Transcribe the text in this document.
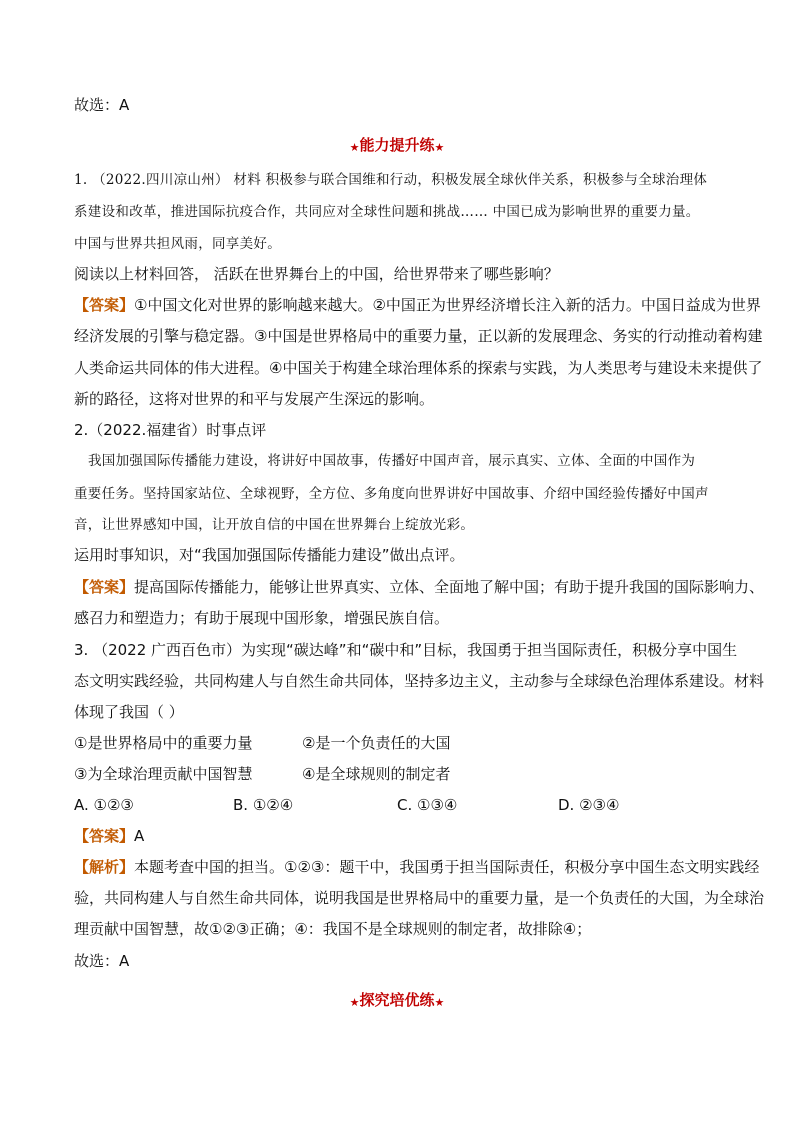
故选：A
★能力提升练★
1. （2022.四川凉山州） 材料 积极参与联合国维和行动，积极发展全球伙伴关系，积极参与全球治理体
系建设和改革，推进国际抗疫合作，共同应对全球性问题和挑战…… 中国已成为影响世界的重要力量。
中国与世界共担风雨，同享美好。
阅读以上材料回答， 活跃在世界舞台上的中国，给世界带来了哪些影响？
【答案】①中国文化对世界的影响越来越大。②中国正为世界经济增长注入新的活力。中国日益成为世界
经济发展的引擎与稳定器。③中国是世界格局中的重要力量，正以新的发展理念、务实的行动推动着构建
人类命运共同体的伟大进程。④中国关于构建全球治理体系的探索与实践，为人类思考与建设未来提供了
新的路径，这将对世界的和平与发展产生深远的影响。
2.（2022.福建省）时事点评
我国加强国际传播能力建设，将讲好中国故事，传播好中国声音，展示真实、立体、全面的中国作为
重要任务。坚持国家站位、全球视野，全方位、多角度向世界讲好中国故事、介绍中国经验传播好中国声
音，让世界感知中国，让开放自信的中国在世界舞台上绽放光彩。
运用时事知识，对“我国加强国际传播能力建设”做出点评。
【答案】提高国际传播能力，能够让世界真实、立体、全面地了解中国；有助于提升我国的国际影响力、
感召力和塑造力；有助于展现中国形象，增强民族自信。
3. （2022 广西百色市）为实现“碳达峰”和“碳中和”目标，我国勇于担当国际责任，积极分享中国生
态文明实践经验，共同构建人与自然生命共同体，坚持多边主义，主动参与全球绿色治理体系建设。材料
体现了我国（ ）
①是世界格局中的重要力量	②是一个负责任的大国
③为全球治理贡献中国智慧	④是全球规则的制定者
A. ①②③	B. ①②④	C. ①③④	D. ②③④
【答案】A
【解析】本题考查中国的担当。①②③：题干中，我国勇于担当国际责任，积极分享中国生态文明实践经
验，共同构建人与自然生命共同体，说明我国是世界格局中的重要力量，是一个负责任的大国，为全球治
理贡献中国智慧，故①②③正确；④：我国不是全球规则的制定者，故排除④；
故选：A
★探究培优练★
